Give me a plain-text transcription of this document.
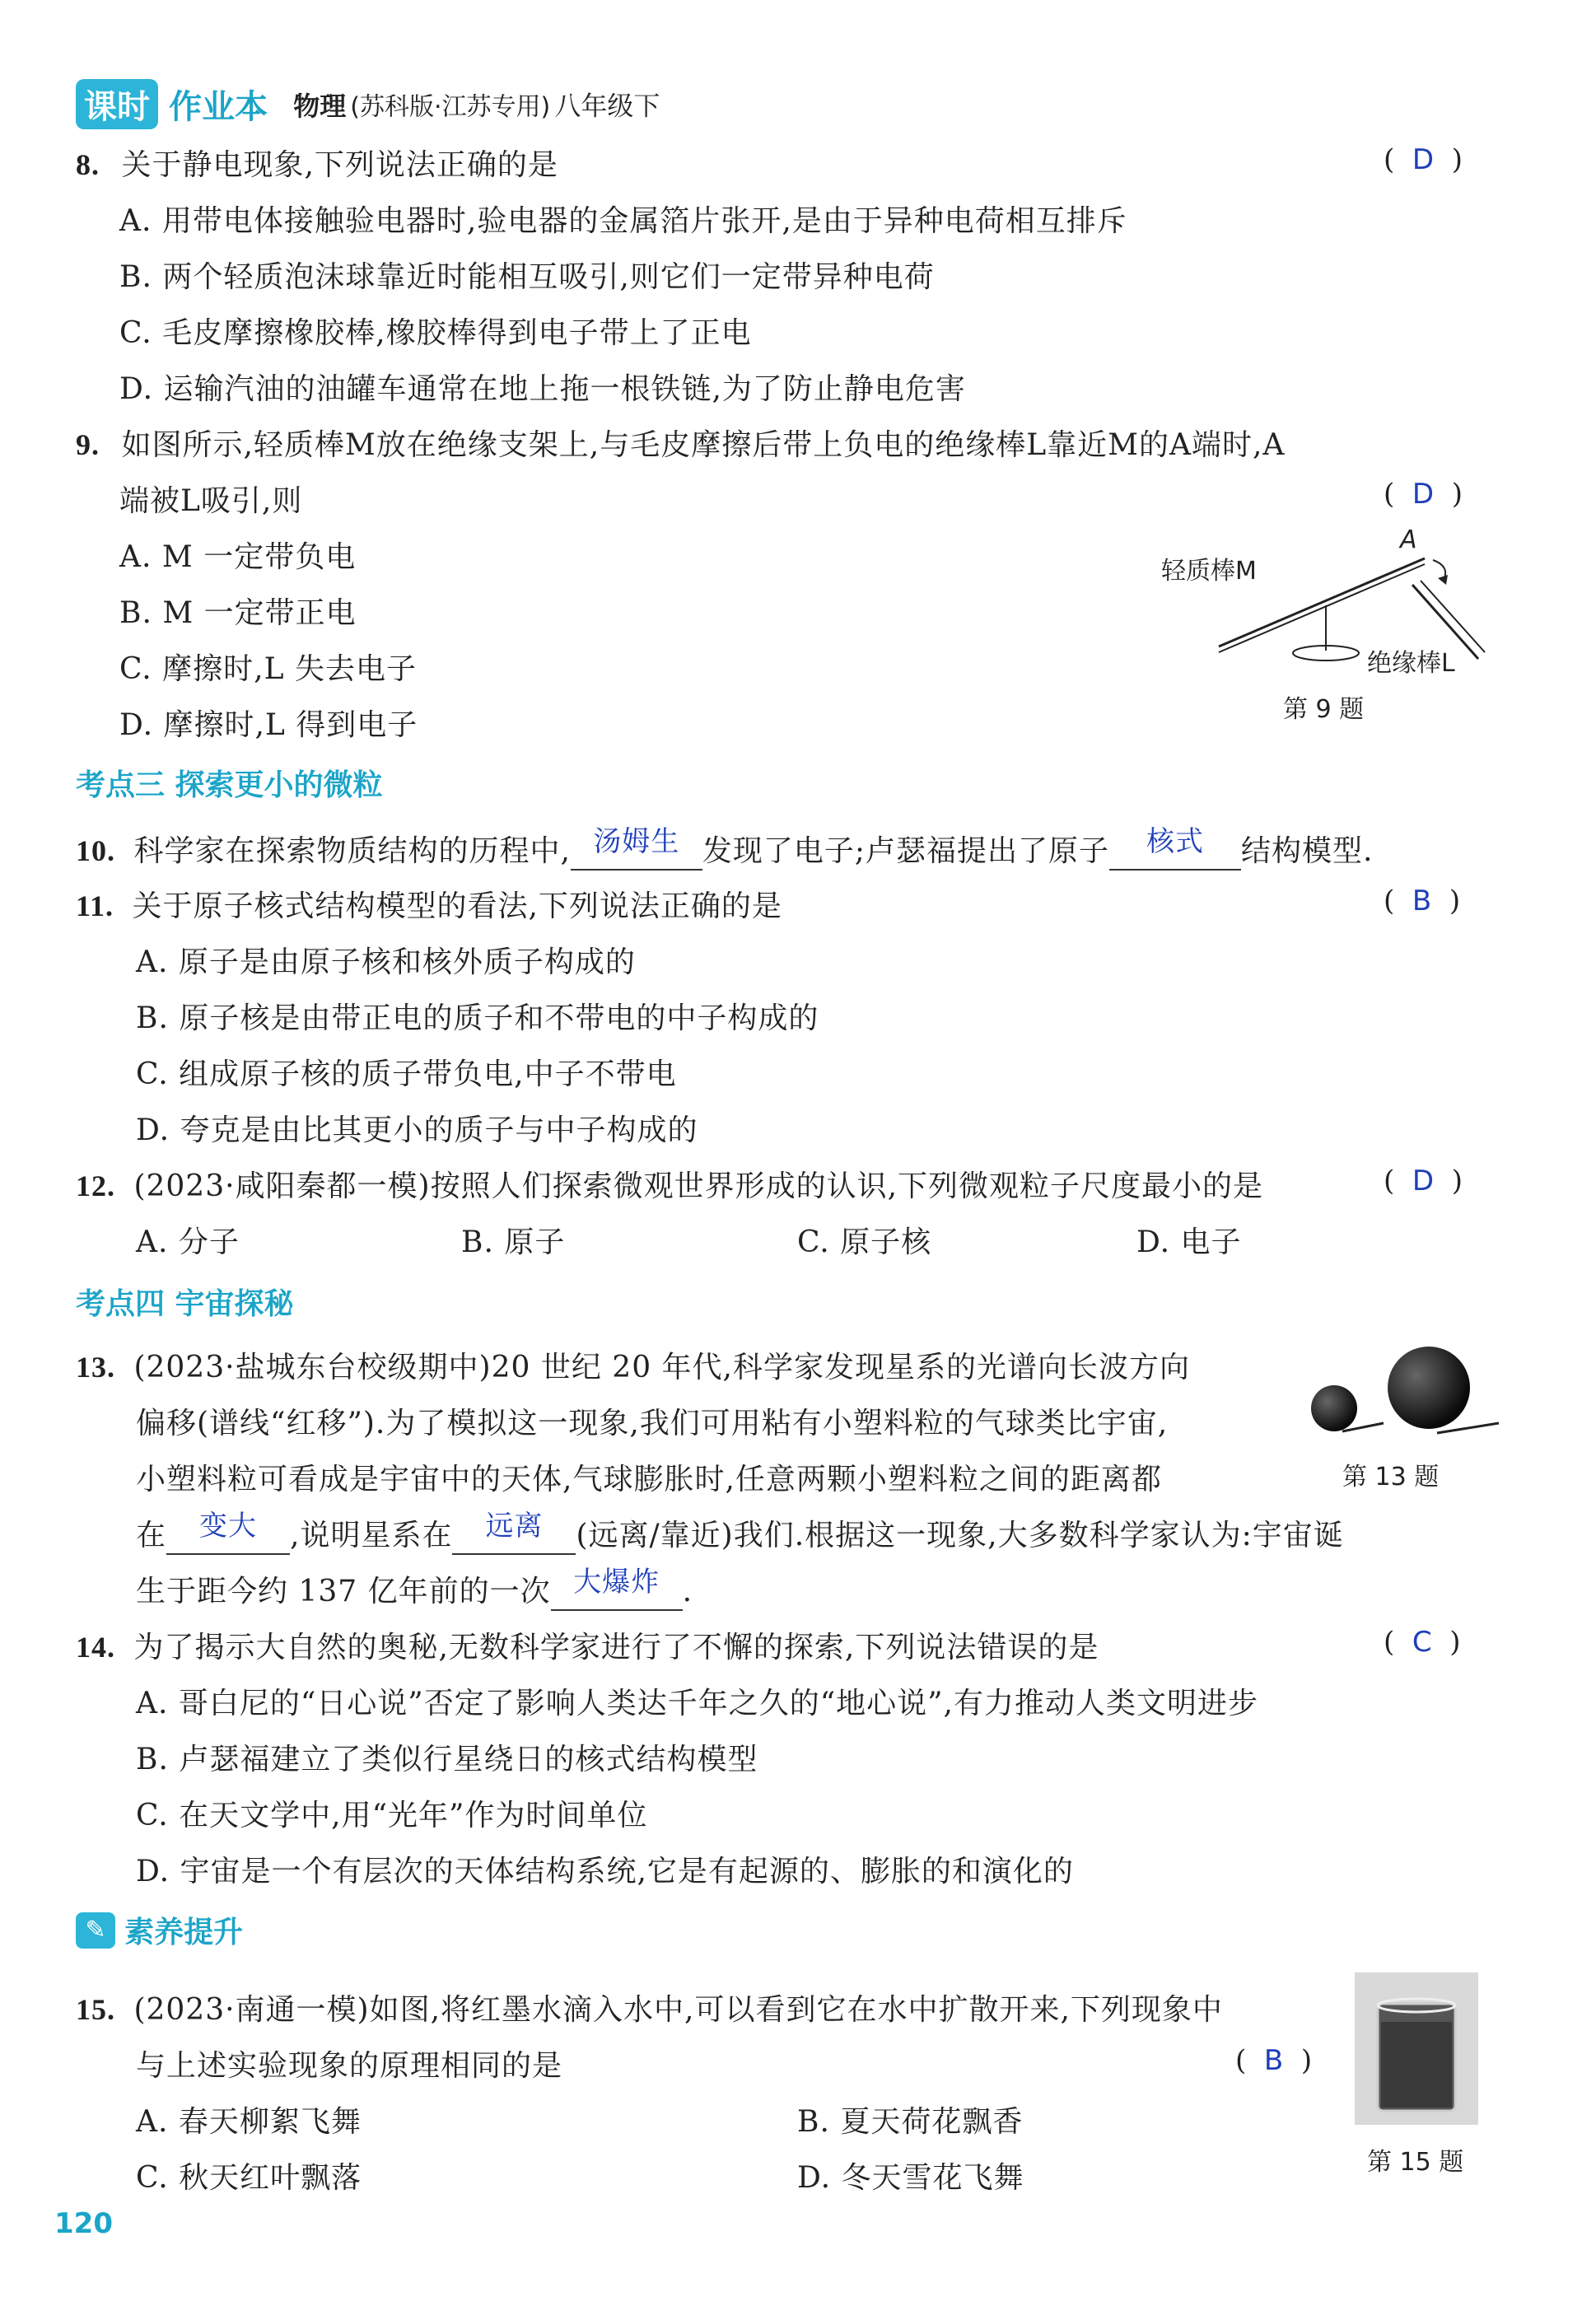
课时 作业本 物理 (苏科版·江苏专用) 八年级下
8. 关于静电现象,下列说法正确的是	(  D  )
A. 用带电体接触验电器时,验电器的金属箔片张开,是由于异种电荷相互排斥
B. 两个轻质泡沫球靠近时能相互吸引,则它们一定带异种电荷
C. 毛皮摩擦橡胶棒,橡胶棒得到电子带上了正电
D. 运输汽油的油罐车通常在地上拖一根铁链,为了防止静电危害
9. 如图所示,轻质棒M放在绝缘支架上,与毛皮摩擦后带上负电的绝缘棒L靠近M的A端时,A
端被L吸引,则	(  D  )
A. M 一定带负电
B. M 一定带正电
C. 摩擦时,L 失去电子
D. 摩擦时,L 得到电子
轻质棒M
A
绝缘棒L
第 9 题
考点三 探索更小的微粒
10. 科学家在探索物质结构的历程中, 汤姆生 发现了电子;卢瑟福提出了原子 核式 结构模型.
11. 关于原子核式结构模型的看法,下列说法正确的是	(  B  )
A. 原子是由原子核和核外质子构成的
B. 原子核是由带正电的质子和不带电的中子构成的
C. 组成原子核的质子带负电,中子不带电
D. 夸克是由比其更小的质子与中子构成的
12. (2023·咸阳秦都一模)按照人们探索微观世界形成的认识,下列微观粒子尺度最小的是	(  D  )
A. 分子	B. 原子	C. 原子核	D. 电子
考点四 宇宙探秘
13. (2023·盐城东台校级期中)20 世纪 20 年代,科学家发现星系的光谱向长波方向
偏移(谱线“红移”).为了模拟这一现象,我们可用粘有小塑料粒的气球类比宇宙,
小塑料粒可看成是宇宙中的天体,气球膨胀时,任意两颗小塑料粒之间的距离都
在 变大 ,说明星系在 远离 (远离/靠近)我们.根据这一现象,大多数科学家认为:宇宙诞
生于距今约 137 亿年前的一次 大爆炸 .
第 13 题
14. 为了揭示大自然的奥秘,无数科学家进行了不懈的探索,下列说法错误的是	(  C  )
A. 哥白尼的“日心说”否定了影响人类达千年之久的“地心说”,有力推动人类文明进步
B. 卢瑟福建立了类似行星绕日的核式结构模型
C. 在天文学中,用“光年”作为时间单位
D. 宇宙是一个有层次的天体结构系统,它是有起源的、膨胀的和演化的
✎ 素养提升
15. (2023·南通一模)如图,将红墨水滴入水中,可以看到它在水中扩散开来,下列现象中
与上述实验现象的原理相同的是	(  B  )
A. 春天柳絮飞舞	B. 夏天荷花飘香
C. 秋天红叶飘落	D. 冬天雪花飞舞	第 15 题
120
